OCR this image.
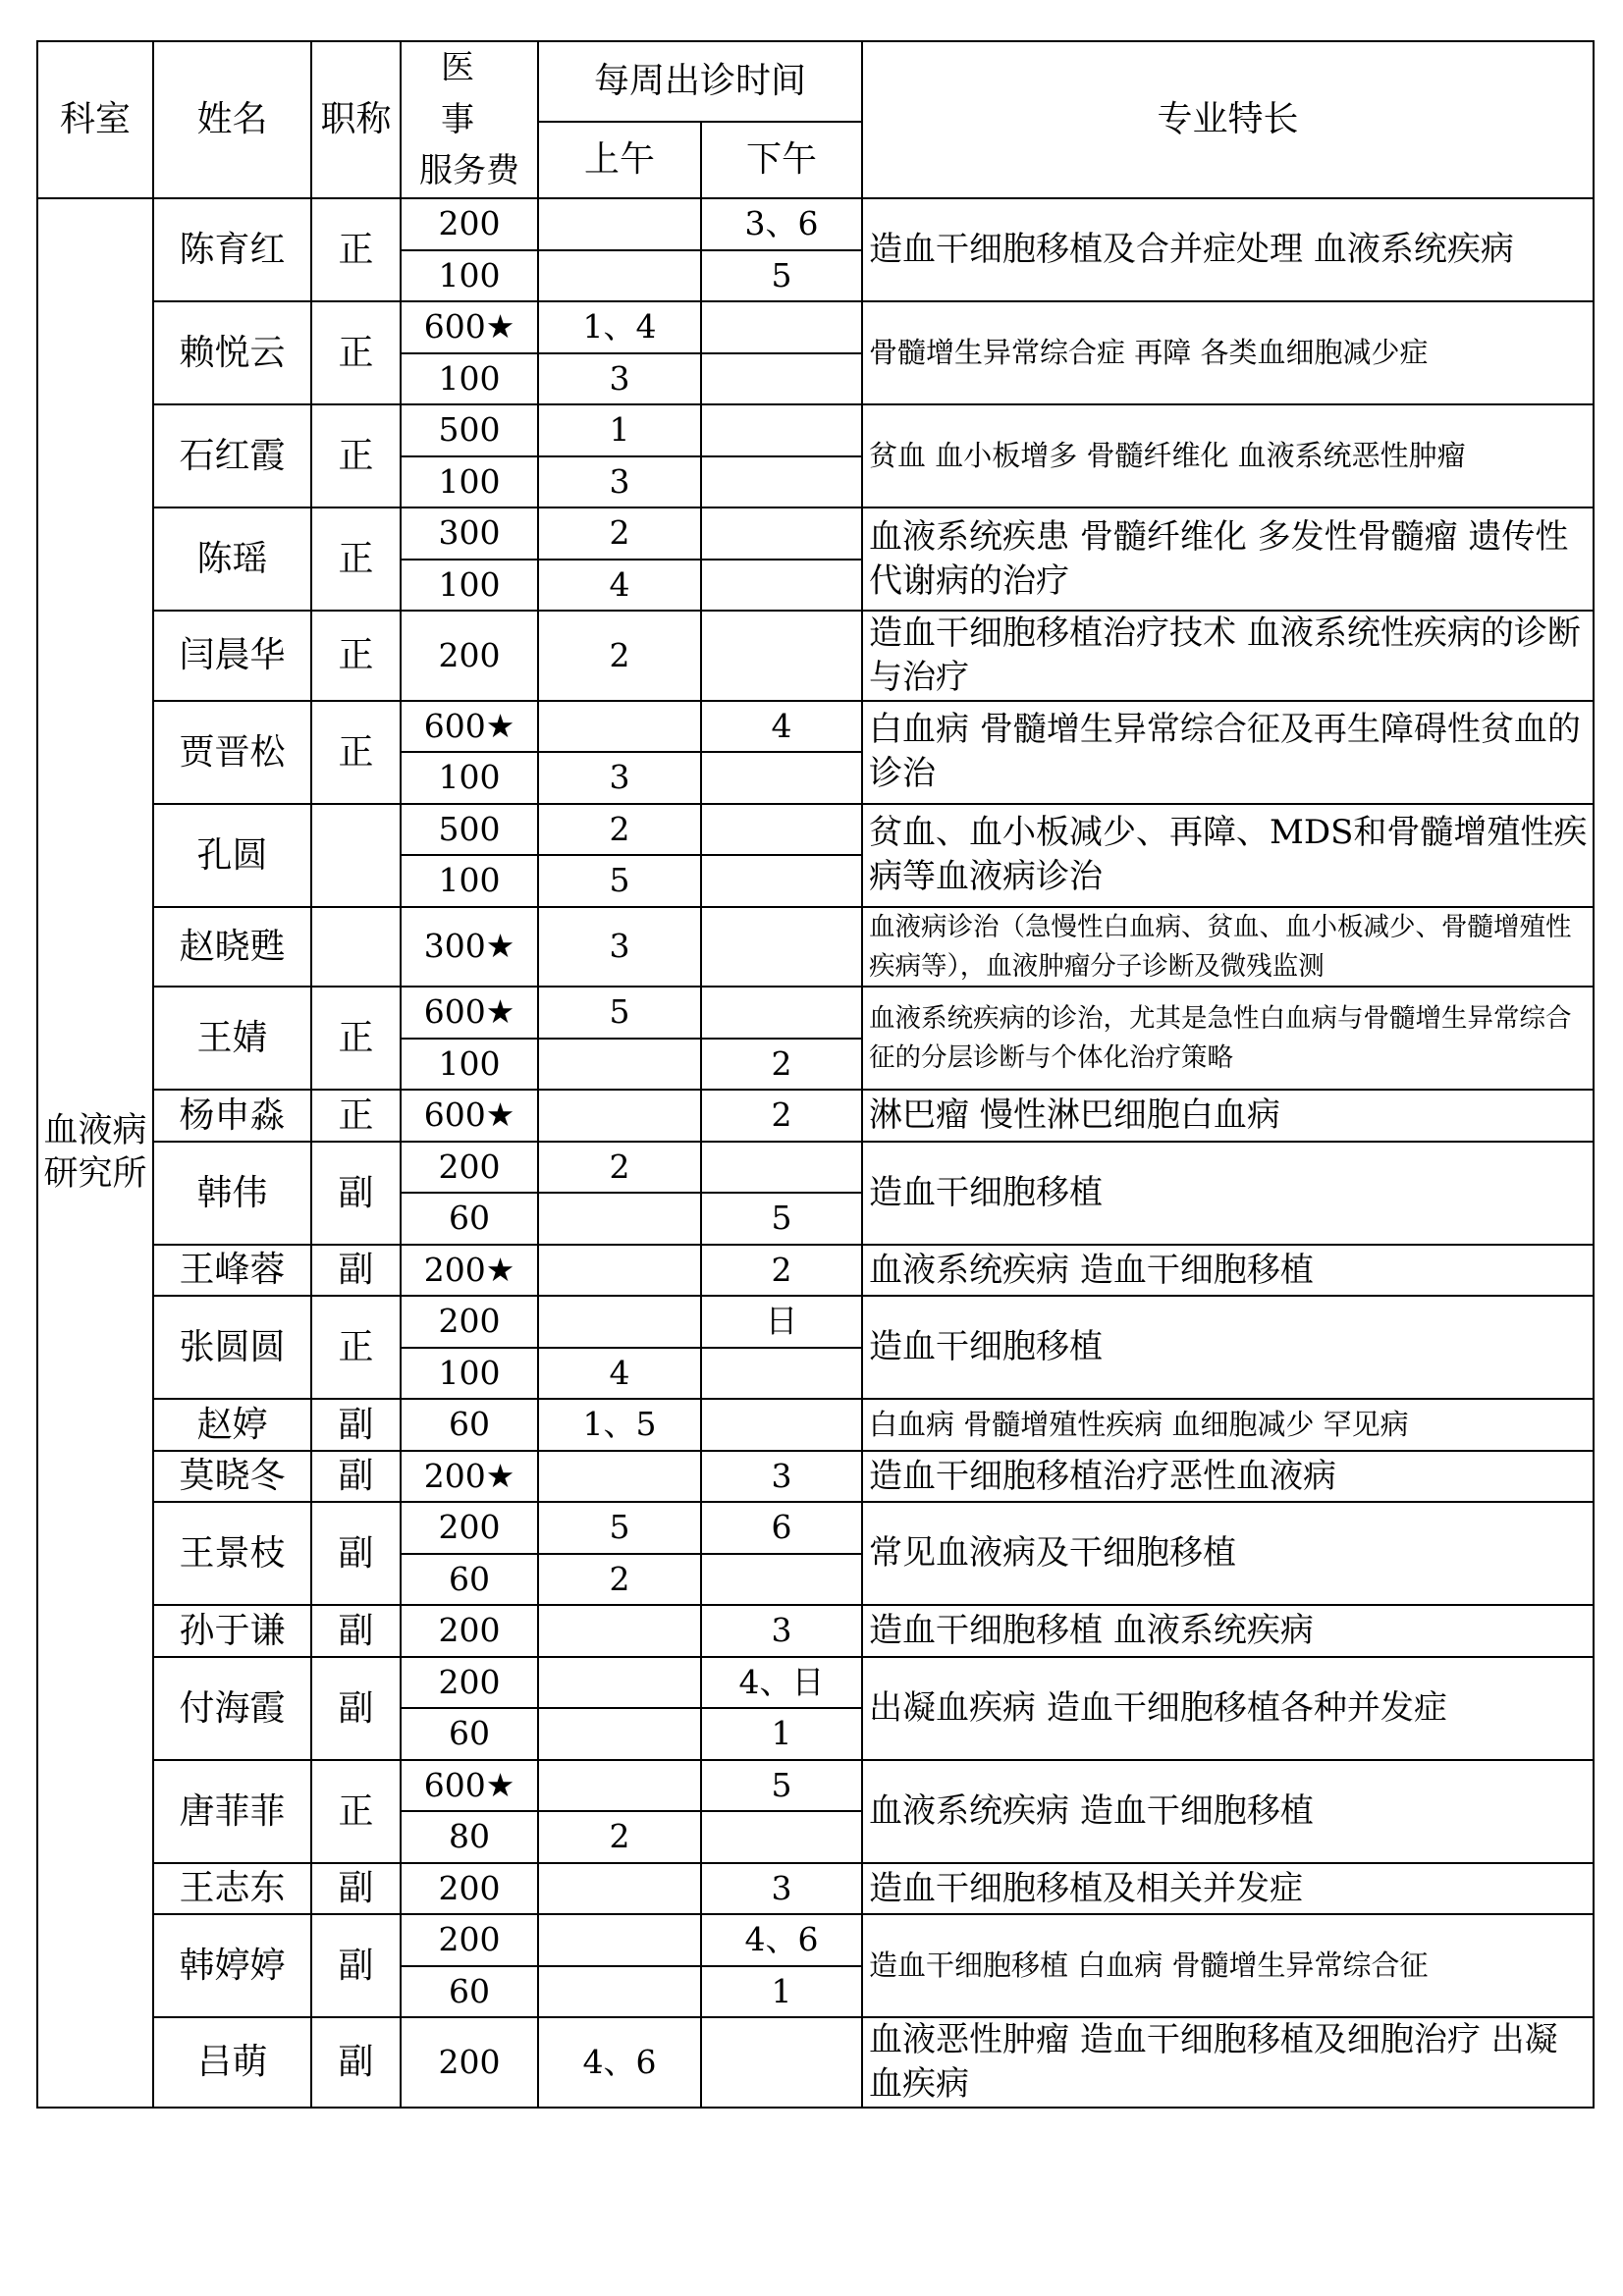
科室	姓名	职称	医 事
服务费	每周出诊时间		专业特长
				上午	下午	
血液病研究所	陈育红	正	200		3、6	造血干细胞移植及合并症处理 血液系统疾病
			100		5	
	赖悦云	正	600★	1、4		骨髓增生异常综合症 再障 各类血细胞减少症
			100	3		
	石红霞	正	500	1		贫血 血小板增多 骨髓纤维化 血液系统恶性肿瘤
			100	3		
	陈瑶	正	300	2		血液系统疾患 骨髓纤维化 多发性骨髓瘤 遗传性代谢病的治疗
			100	4		
	闫晨华	正	200	2		造血干细胞移植治疗技术 血液系统性疾病的诊断与治疗
	贾晋松	正	600★		4	白血病 骨髓增生异常综合征及再生障碍性贫血的诊治
			100	3		
	孔圆		500	2		贫血、血小板减少、再障、MDS和骨髓增殖性疾病等血液病诊治
			100	5		
	赵晓甦		300★	3		血液病诊治（急慢性白血病、贫血、血小板减少、骨髓增殖性疾病等），血液肿瘤分子诊断及微残监测
	王婧	正	600★	5		血液系统疾病的诊治，尤其是急性白血病与骨髓增生异常综合征的分层诊断与个体化治疗策略
			100		2	
	杨申淼	正	600★		2	淋巴瘤 慢性淋巴细胞白血病
	韩伟	副	200	2		造血干细胞移植
			60		5	
	王峰蓉	副	200★		2	血液系统疾病 造血干细胞移植
	张圆圆	正	200		日	造血干细胞移植
			100	4		
	赵婷	副	60	1、5		白血病 骨髓增殖性疾病 血细胞减少 罕见病
	莫晓冬	副	200★		3	造血干细胞移植治疗恶性血液病
	王景枝	副	200	5	6	常见血液病及干细胞移植
			60	2		
	孙于谦	副	200		3	造血干细胞移植 血液系统疾病
	付海霞	副	200		4、日	出凝血疾病 造血干细胞移植各种并发症
			60		1	
	唐菲菲	正	600★		5	血液系统疾病 造血干细胞移植
			80	2		
	王志东	副	200		3	造血干细胞移植及相关并发症
	韩婷婷	副	200		4、6	造血干细胞移植 白血病 骨髓增生异常综合征
			60		1	
	吕萌	副	200	4、6		血液恶性肿瘤 造血干细胞移植及细胞治疗 出凝血疾病
